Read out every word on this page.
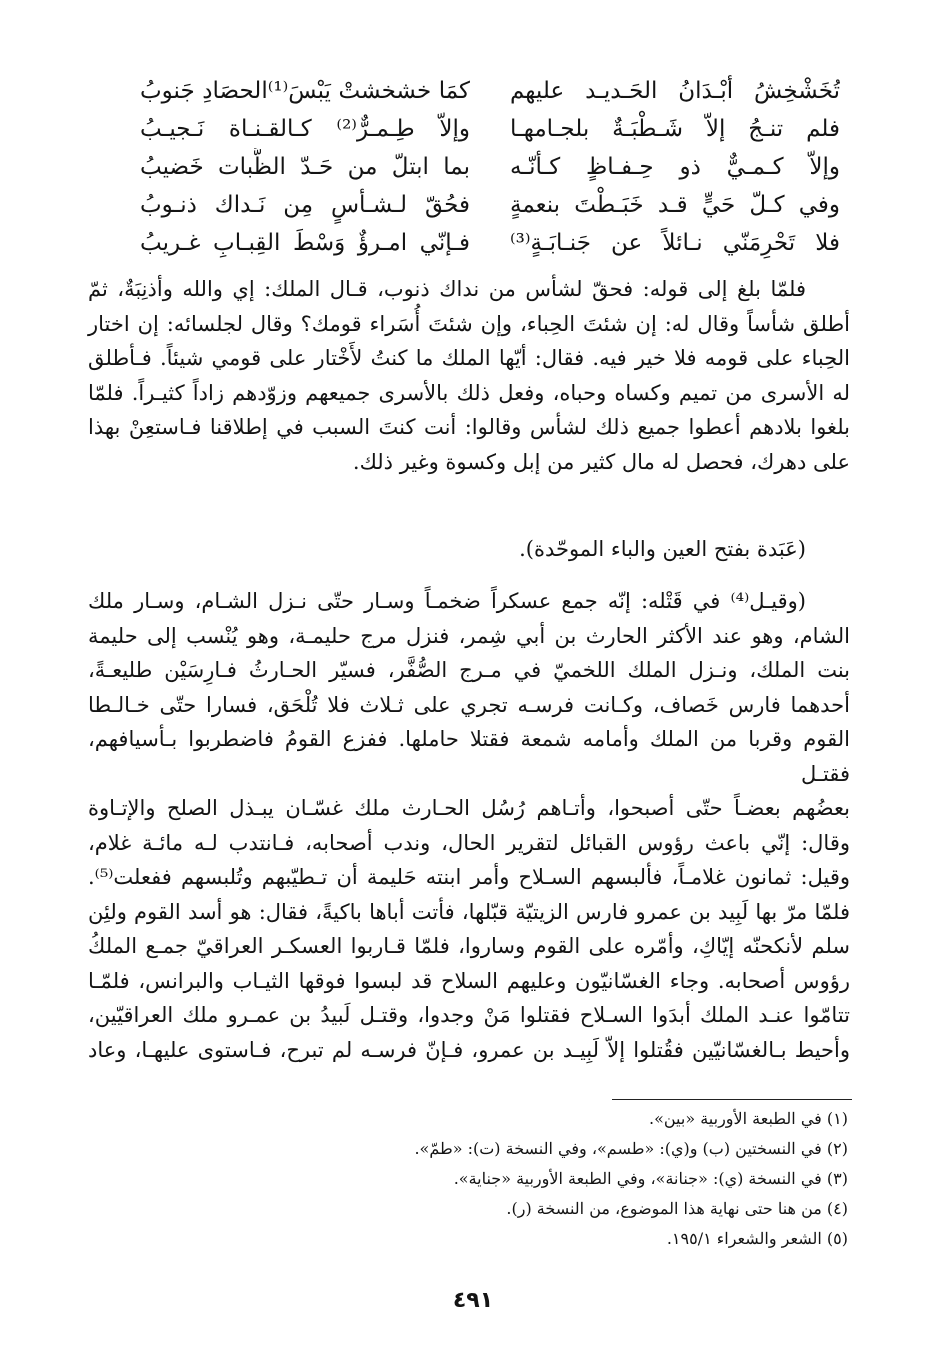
تُخَشْخِشُ أبْـدَانُ الحَـديـد عليهم
كمَا خشخشتْ يَبْسَ⁽¹⁾الحصَادِ جَنوبُ
فلم تنـجُ إلاّ شَـطْبَـةٌ بلجـامهـا
وإلاّ طِـمـرٌّ⁽²⁾ كـالقـنـاة نَـجيـبُ
وإلاّ كـمـيٌّ ذو حِـفـاظٍ كـأنّـه
بما ابتلّ من حَـدّ الظُّبات خَضيبُ
وفي كـلّ حَيٍّ قـد خَبَـطْتَ بنعمةٍ
فحُقّ لـشـأسٍ مِن نَـداك ذنـوبُ
فلا تَحْرِمَنّي نـائلاً عن جَنـابَـةٍ⁽³⁾
فـإنّي امـرؤٌ وَسْطَ القِبـابِ غـريبُ

فلمّا بلغ إلى قوله: فحقّ لشأس من نداك ذنوب، قـال الملك: إي والله وأذنِبَةٌ، ثمّ

أطلق شأساً وقال له: إن شئتَ الحِباء، وإن شئتَ أُسَراء قومك؟ وقال لجلسائه: إن اختار

الحِباء على قومه فلا خير فيه. فقال: أيّها الملك ما كنتُ لأَخْتار على قومي شيئاً. فـأطلق

له الأسرى من تميم وكساه وحباه، وفعل ذلك بالأسرى جميعهم وزوّدهم زاداً كثيـراً. فلمّا

بلغوا بلادهم أعطوا جميع ذلك لشأس وقالوا: أنت كنتَ السبب في إطلاقنا فـاستعِنْ بهذا

على دهرك، فحصل له مال كثير من إبل وكسوة وغير ذلك.

(عَبَدة بفتح العين والباء الموحّدة).

(وقيـل⁽⁴⁾ في قَتْله: إنّه جمع عسكراً ضخمـاً وسـار حتّى نـزل الشـام، وسـار ملك

الشام، وهو عند الأكثر الحارث بن أبي شِمر، فنزل مرج حليمـة، وهو يُنْسب إلى حليمة

بنت الملك، ونـزل الملك اللخميّ في مـرج الصُّفَّر، فسيّر الحـارثُ فـارِسَيْن طليعـةً،

أحدهما فارس خَصاف، وكـانت فرسـه تجري على ثـلاث فلا تُلْحَق، فسارا حتّى خـالـطا

القوم وقربا من الملك وأمامه شمعة فقتلا حاملها. ففزع القومُ فاضطربوا بـأسيافهم، فقتـل

بعضُهم بعضـاً حتّى أصبحوا، وأتـاهم رُسُل الحـارث ملك غسّـان يبـذل الصلح والإتـاوة

وقال: إنّي باعث رؤوس القبائل لتقرير الحال، وندب أصحابه، فـانتدب لـه مائـة غلام،

وقيل: ثمانون غلامـاً، فألبسهم السـلاح وأمر ابنته حَليمة أن تـطيّبهم وتُلبسهم ففعلت⁽⁵⁾.

فلمّا مرّ بها لَبِيد بن عمرو فارس الزيتيّة قبّلها، فأتت أباها باكيةً، فقال: هو أسد القوم ولئِن

سلم لأنكحنّه إيّاكِ، وأمّره على القوم وساروا، فلمّا قـاربوا العسكـر العراقيّ جمـع الملكُ

رؤوس أصحابه. وجاء الغسّانيّون وعليهم السلاح قد لبسوا فوقها الثيـاب والبرانس، فلمّـا

تتامّوا عنـد الملك أبدَوا السـلاح فقتلوا مَنْ وجدوا، وقتـل لَبيدُ بن عمـرو ملك العراقيّين،

وأحيط بـالغسّانيّين فقُتلوا إلاّ لَبِيـد بن عمرو، فـإنّ فرسـه لم تبرح، فـاستوى عليهـا، وعاد

(١) في الطبعة الأوربية «بين».
(٢) في النسختين (ب) و(ي): «طسم»، وفي النسخة (ت): «طمّ».
(٣) في النسخة (ي): «جنانة»، وفي الطبعة الأوربية «جناية».
(٤) من هنا حتى نهاية هذا الموضوع، من النسخة (ر).
(٥) الشعر والشعراء ١٩٥/١.
٤٩١
